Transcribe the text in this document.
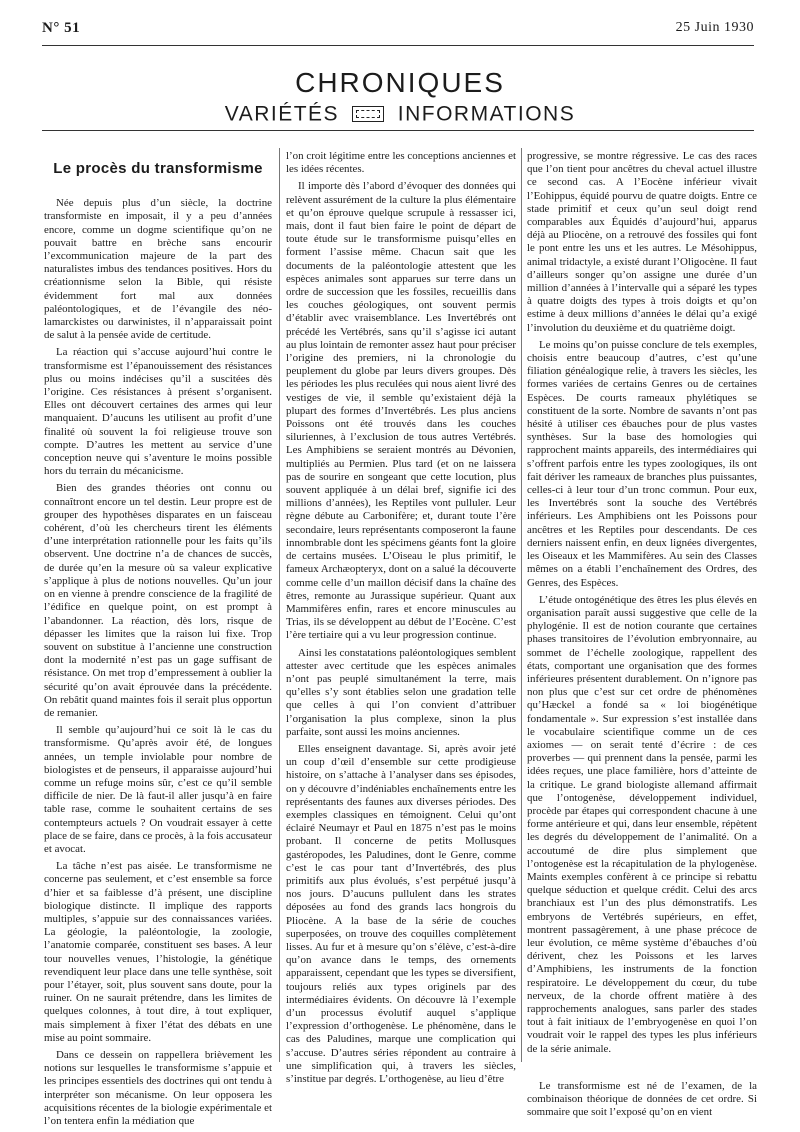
N° 51	25 Juin 1930
CHRONIQUES
VARIÉTÉS	INFORMATIONS
Le procès du transformisme

Née depuis plus d’un siècle, la doctrine transformiste en imposait, il y a peu d’années encore, comme un dogme scientifique qu’on ne pouvait battre en brèche sans encourir l’excommunication majeure de la part des naturalistes imbus des tendances positives. Hors du créationnisme selon la Bible, qui résiste évidemment fort mal aux données paléontologiques, et de l’évangile des néo-lamarckistes ou darwinistes, il n’apparaissait point de salut à la pensée avide de certitude.

La réaction qui s’accuse aujourd’hui contre le transformisme est l’épanouissement des résistances plus ou moins indécises qu’il a suscitées dès l’origine. Ces résistances à présent s’organisent. Elles ont découvert certaines des armes qui leur manquaient. D’aucuns les utilisent au profit d’une finalité où souvent la foi religieuse trouve son compte. D’autres les mettent au service d’une conception neuve qui s’aventure le moins possible hors du terrain du mécanicisme.

Bien des grandes théories ont connu ou connaîtront encore un tel destin. Leur propre est de grouper des hypothèses disparates en un faisceau cohérent, d’où les chercheurs tirent les éléments d’une interprétation rationnelle pour les faits qu’ils observent. Une doctrine n’a de chances de succès, de durée qu’en la mesure où sa valeur explicative s’applique à plus de notions nouvelles. Qu’un jour on en vienne à prendre conscience de la fragilité de l’édifice en quelque point, on est prompt à l’abandonner. La réaction, dès lors, risque de dépasser les limites que la raison lui fixe. Trop souvent on substitue à l’ancienne une construction dont la modernité n’est pas un gage suffisant de résistance. On met trop d’empressement à oublier la sécurité qu’on avait éprouvée dans la précédente. On rebâtit quand maintes fois il serait plus opportun de remanier.

Il semble qu’aujourd’hui ce soit là le cas du transformisme. Qu’après avoir été, de longues années, un temple inviolable pour nombre de biologistes et de penseurs, il apparaisse aujourd’hui comme un refuge moins sûr, c’est ce qu’il semble difficile de nier. De là faut-il aller jusqu’à en faire table rase, comme le souhaitent certains de ses contempteurs actuels ? On voudrait essayer à cette place de se faire, dans ce procès, à la fois accusateur et avocat.

La tâche n’est pas aisée. Le transformisme ne concerne pas seulement, et c’est ensemble sa force d’hier et sa faiblesse d’à présent, une discipline biologique distincte. Il implique des rapports multiples, s’appuie sur des connaissances variées. La géologie, la paléontologie, la zoologie, l’anatomie comparée, constituent ses bases. A leur tour nouvelles venues, l’histologie, la génétique revendiquent leur place dans une telle synthèse, soit pour l’étayer, soit, plus souvent sans doute, pour la ruiner. On ne saurait prétendre, dans les limites de quelques colonnes, à tout dire, à tout expliquer, mais simplement à fixer l’état des débats en une mise au point sommaire.

Dans ce dessein on rappellera brièvement les notions sur lesquelles le transformisme s’appuie et les principes essentiels des doctrines qui ont tendu à interpréter son mécanisme. On leur opposera les acquisitions récentes de la biologie expérimentale et l’on tentera enfin la médiation que

l’on croit légitime entre les conceptions anciennes et les idées récentes.

Il importe dès l’abord d’évoquer des données qui relèvent assurément de la culture la plus élémentaire et qu’on éprouve quelque scrupule à ressasser ici, mais, dont il faut bien faire le point de départ de toute étude sur le transformisme puisqu’elles en forment l’assise même. Chacun sait que les documents de la paléontologie attestent que les espèces animales sont apparues sur terre dans un ordre de succession que les fossiles, recueillis dans les couches géologiques, ont souvent permis d’établir avec vraisemblance. Les Invertébrés ont précédé les Vertébrés, sans qu’il s’agisse ici autant au plus lointain de remonter assez haut pour préciser l’origine des premiers, ni la chronologie du peuplement du globe par leurs divers groupes. Dès les périodes les plus reculées qui nous aient livré des vestiges de vie, il semble qu’existaient déjà la plupart des formes d’Invertébrés. Les plus anciens Poissons ont été trouvés dans les couches siluriennes, à l’exclusion de tous autres Vertébrés. Les Amphibiens se seraient montrés au Dévonien, multipliés au Permien. Plus tard (et on ne laissera pas de sourire en songeant que cette locution, plus souvent appliquée à un délai bref, signifie ici des millions d’années), les Reptiles vont pulluler. Leur règne débute au Carbonifère; et, durant toute l’ère secondaire, leurs représentants composeront la faune innombrable dont les spécimens géants font la gloire de certains musées. L’Oiseau le plus primitif, le fameux Archæopteryx, dont on a salué la découverte comme celle d’un maillon décisif dans la chaîne des êtres, remonte au Jurassique supérieur. Quant aux Mammifères enfin, rares et encore minuscules au Trias, ils se développent au début de l’Eocène. C’est l’ère tertiaire qui a vu leur progression continue.

Ainsi les constatations paléontologiques semblent attester avec certitude que les espèces animales n’ont pas peuplé simultanément la terre, mais qu’elles s’y sont établies selon une gradation telle que celles à qui l’on convient d’attribuer l’organisation la plus complexe, sinon la plus parfaite, sont aussi les moins anciennes.

Elles enseignent davantage. Si, après avoir jeté un coup d’œil d’ensemble sur cette prodigieuse histoire, on s’attache à l’analyser dans ses épisodes, on y découvre d’indéniables enchaînements entre les représentants des faunes aux diverses périodes. Des exemples classiques en témoignent. Celui qu’ont éclairé Neumayr et Paul en 1875 n’est pas le moins probant. Il concerne de petits Mollusques gastéropodes, les Paludines, dont le Genre, comme c’est le cas pour tant d’Invertébrés, des plus primitifs aux plus évolués, s’est perpétué jusqu’à nos jours. D’aucuns pullulent dans les strates déposées au fond des grands lacs hongrois du Pliocène. A la base de la série de couches superposées, on trouve des coquilles complètement lisses. Au fur et à mesure qu’on s’élève, c’est-à-dire qu’on avance dans le temps, des ornements apparaissent, cependant que les types se diversifient, toujours reliés aux types originels par des intermédiaires évidents. On découvre là l’exemple d’un processus évolutif auquel s’applique l’expression d’orthogenèse. Le phénomène, dans le cas des Paludines, marque une complication qui s’accuse. D’autres séries répondent au contraire à une simplification qui, à travers les siècles, s’institue par degrés. L’orthogenèse, au lieu d’être

progressive, se montre régressive. Le cas des races que l’on tient pour ancêtres du cheval actuel illustre ce second cas. A l’Eocène inférieur vivait l’Eohippus, équidé pourvu de quatre doigts. Entre ce stade primitif et ceux qu’un seul doigt rend comparables aux Équidés d’aujourd’hui, apparus déjà au Pliocène, on a retrouvé des fossiles qui font le pont entre les uns et les autres. Le Mésohippus, animal tridactyle, a existé durant l’Oligocène. Il faut d’ailleurs songer qu’on assigne une durée d’un million d’années à l’intervalle qui a séparé les types à quatre doigts des types à trois doigts et qu’on estime à deux millions d’années le délai qu’a exigé l’involution du deuxième et du quatrième doigt.

Le moins qu’on puisse conclure de tels exemples, choisis entre beaucoup d’autres, c’est qu’une filiation généalogique relie, à travers les siècles, les formes variées de certains Genres ou de certaines Espèces. De courts rameaux phylétiques se constituent de la sorte. Nombre de savants n’ont pas hésité à utiliser ces ébauches pour de plus vastes synthèses. Sur la base des homologies qui rapprochent maints appareils, des intermédiaires qui s’offrent parfois entre les types zoologiques, ils ont fait dériver les rameaux de branches plus puissantes, celles-ci à leur tour d’un tronc commun. Pour eux, les Invertébrés sont la souche des Vertébrés inférieurs. Les Amphibiens ont les Poissons pour ancêtres et les Reptiles pour descendants. De ces derniers naissent enfin, en deux lignées divergentes, les Oiseaux et les Mammifères. Au sein des Classes mêmes on a établi l’enchaînement des Ordres, des Genres, des Espèces.

L’étude ontogénétique des êtres les plus élevés en organisation paraît aussi suggestive que celle de la phylogénie. Il est de notion courante que certaines phases transitoires de l’évolution embryonnaire, au sommet de l’échelle zoologique, rappellent des états, comportant une organisation que des formes inférieures présentent durablement. On n’ignore pas non plus que c’est sur cet ordre de phénomènes qu’Hæckel a fondé sa « loi biogénétique fondamentale ». Sur expression s’est installée dans le vocabulaire scientifique comme un de ces axiomes — on serait tenté d’écrire : de ces proverbes — qui prennent dans la pensée, parmi les idées reçues, une place familière, hors d’atteinte de la critique. Le grand biologiste allemand affirmait que l’ontogenèse, développement individuel, procède par étapes qui correspondent chacune à une forme antérieure et qui, dans leur ensemble, répètent les degrés du développement de l’animalité. On a accoutumé de dire plus simplement que l’ontogenèse est la récapitulation de la phylogenèse. Maints exemples confèrent à ce principe si rebattu quelque séduction et quelque crédit. Celui des arcs branchiaux est l’un des plus démonstratifs. Les embryons de Vertébrés supérieurs, en effet, montrent passagèrement, à une phase précoce de leur évolution, ce même système d’ébauches d’où dérivent, chez les Poissons et les larves d’Amphibiens, les instruments de la fonction respiratoire. Le développement du cœur, du tube nerveux, de la chorde offrent matière à des rapprochements analogues, sans parler des stades tout à fait initiaux de l’embryogenèse en quoi l’on voudrait voir le rappel des types les plus inférieurs de la série animale.

Le transformisme est né de l’examen, de la combinaison théorique de données de cet ordre. Si sommaire que soit l’exposé qu’on en vient
